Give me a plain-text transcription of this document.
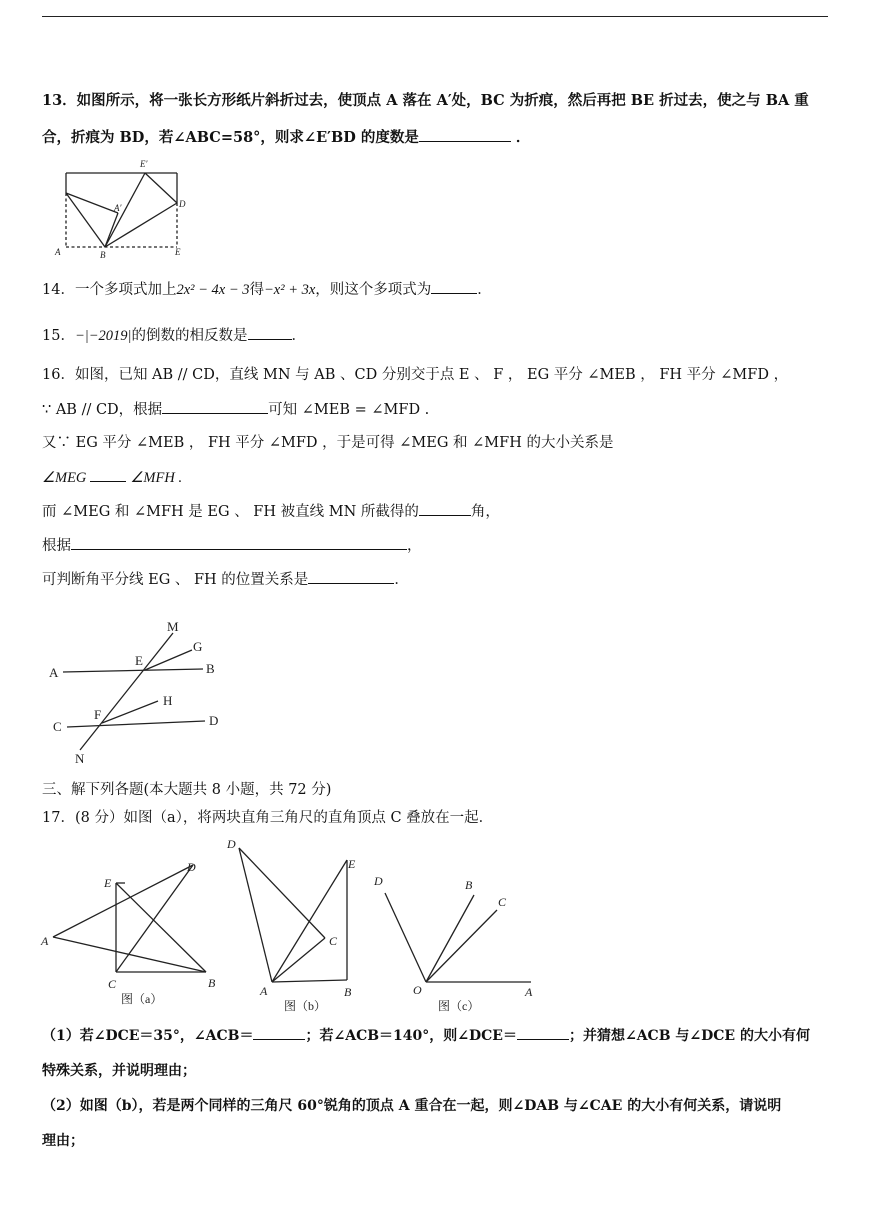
13．如图所示，将一张长方形纸片斜折过去，使顶点 A 落在 A′处，BC 为折痕，然后再把 BE 折过去，使之与 BA 重
合，折痕为 BD，若∠ABC=58°，则求∠E′BD 的度数是	．
A	B	E
D
E′
A′
14．一个多项式加上2x² − 4x − 3得−x² + 3x，则这个多项式为	．
15．−|−2019|的倒数的相反数是	．
16．如图，已知 AB // CD，直线 MN 与 AB 、CD 分别交于点 E 、 F ， EG 平分 ∠MEB ， FH 平分 ∠MFD ，
∵ AB // CD，根据	可知 ∠MEB = ∠MFD .
又∵ EG 平分 ∠MEB ， FH 平分 ∠MFD ，于是可得 ∠MEG 和 ∠MFH 的大小关系是
∠MEG	∠MFH .
而 ∠MEG 和 ∠MFH 是 EG 、 FH 被直线 MN 所截得的	角，
根据	，
可判断角平分线 EG 、 FH 的位置关系是	．
M
G
A
E
B
H
C
F	D
N
三、解下列各题(本大题共 8 小题，共 72 分)
17．(8 分）如图（a），将两块直角三角尺的直角顶点 C 叠放在一起．
A
E
D
C	B
图（a）
D
E
C
A	B
图（b）
D	B
C
O	A
图（c）
（1）若∠DCE＝35°，∠ACB＝	；若∠ACB＝140°，则∠DCE＝	；并猜想∠ACB 与∠DCE 的大小有何
特殊关系，并说明理由；
（2）如图（b），若是两个同样的三角尺 60°锐角的顶点 A 重合在一起，则∠DAB 与∠CAE 的大小有何关系，请说明
理由；
